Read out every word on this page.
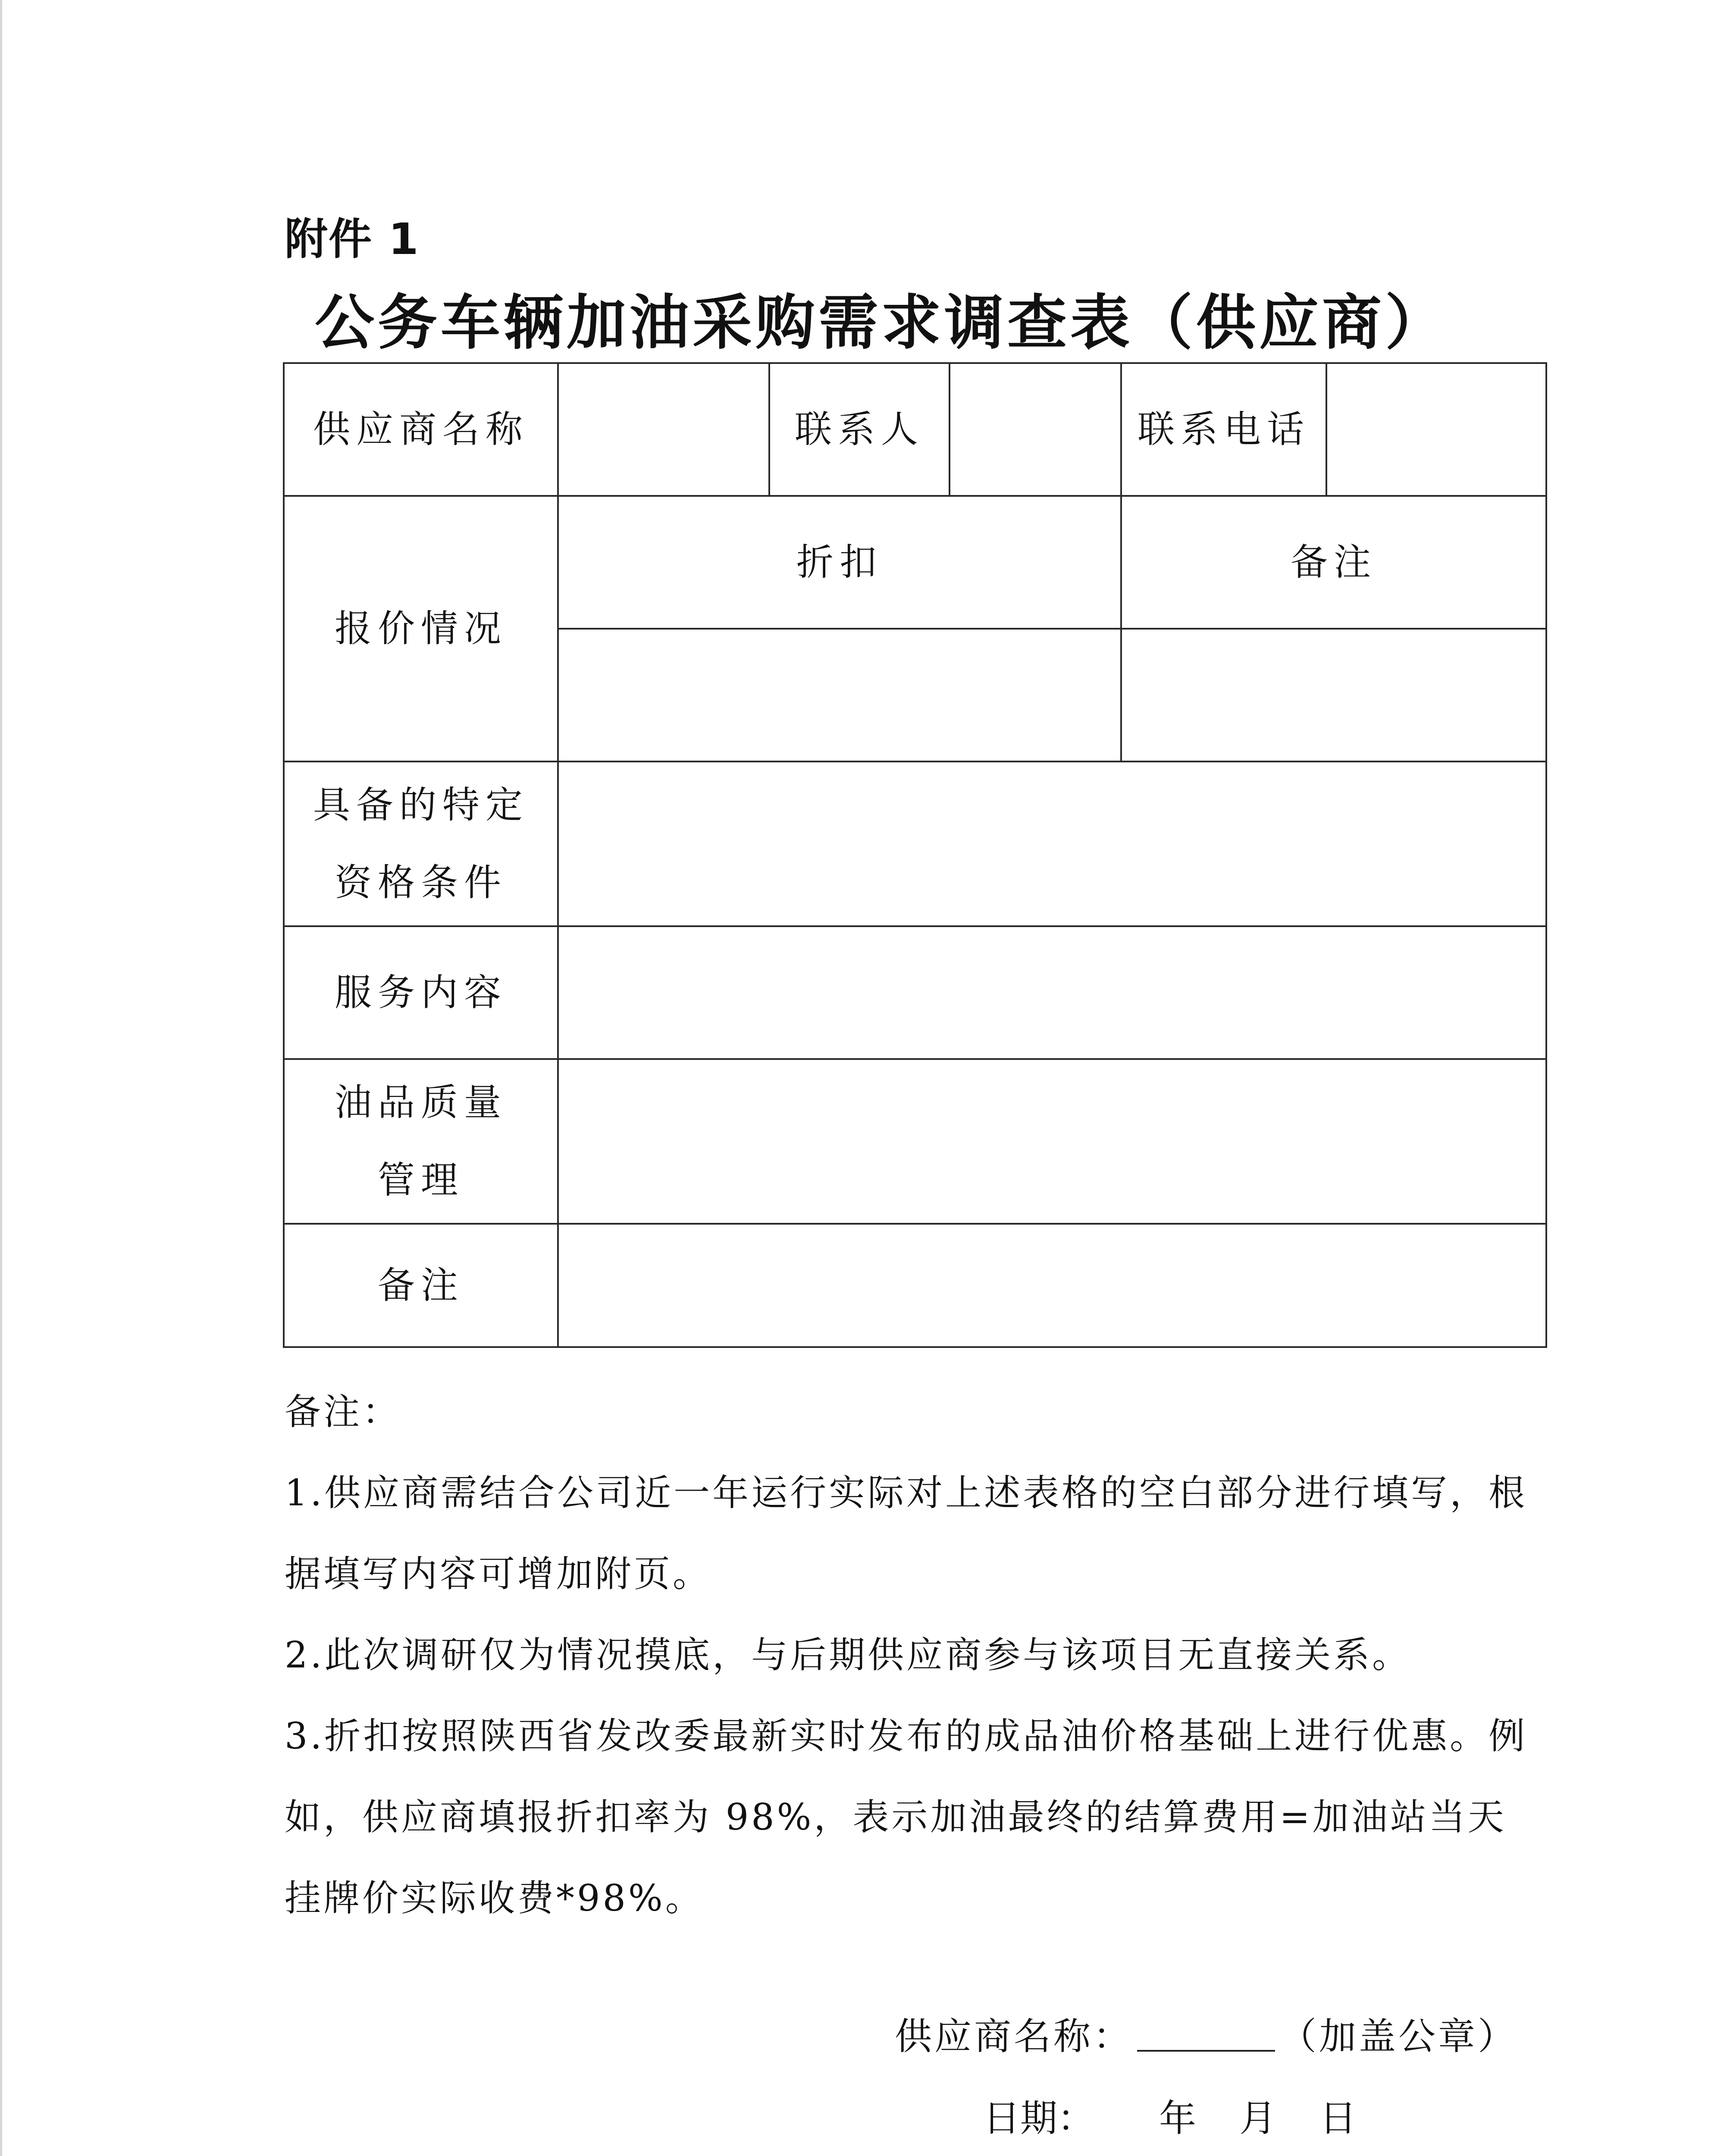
附件 1
公务车辆加油采购需求调查表（供应商）
供应商名称		联系人		联系电话	
报价情况	折扣			备注	

具备的特定
资格条件					

服务内容					

油品质量
管理					

备注					

备注：

1.供应商需结合公司近一年运行实际对上述表格的空白部分进行填写，根据填写内容可增加附页。

2.此次调研仅为情况摸底，与后期供应商参与该项目无直接关系。

3.折扣按照陕西省发改委最新实时发布的成品油价格基础上进行优惠。例如，供应商填报折扣率为 98%，表示加油最终的结算费用=加油站当天挂牌价实际收费*98%。

供应商名称：	（加盖公章）
日期： 年 月 日
